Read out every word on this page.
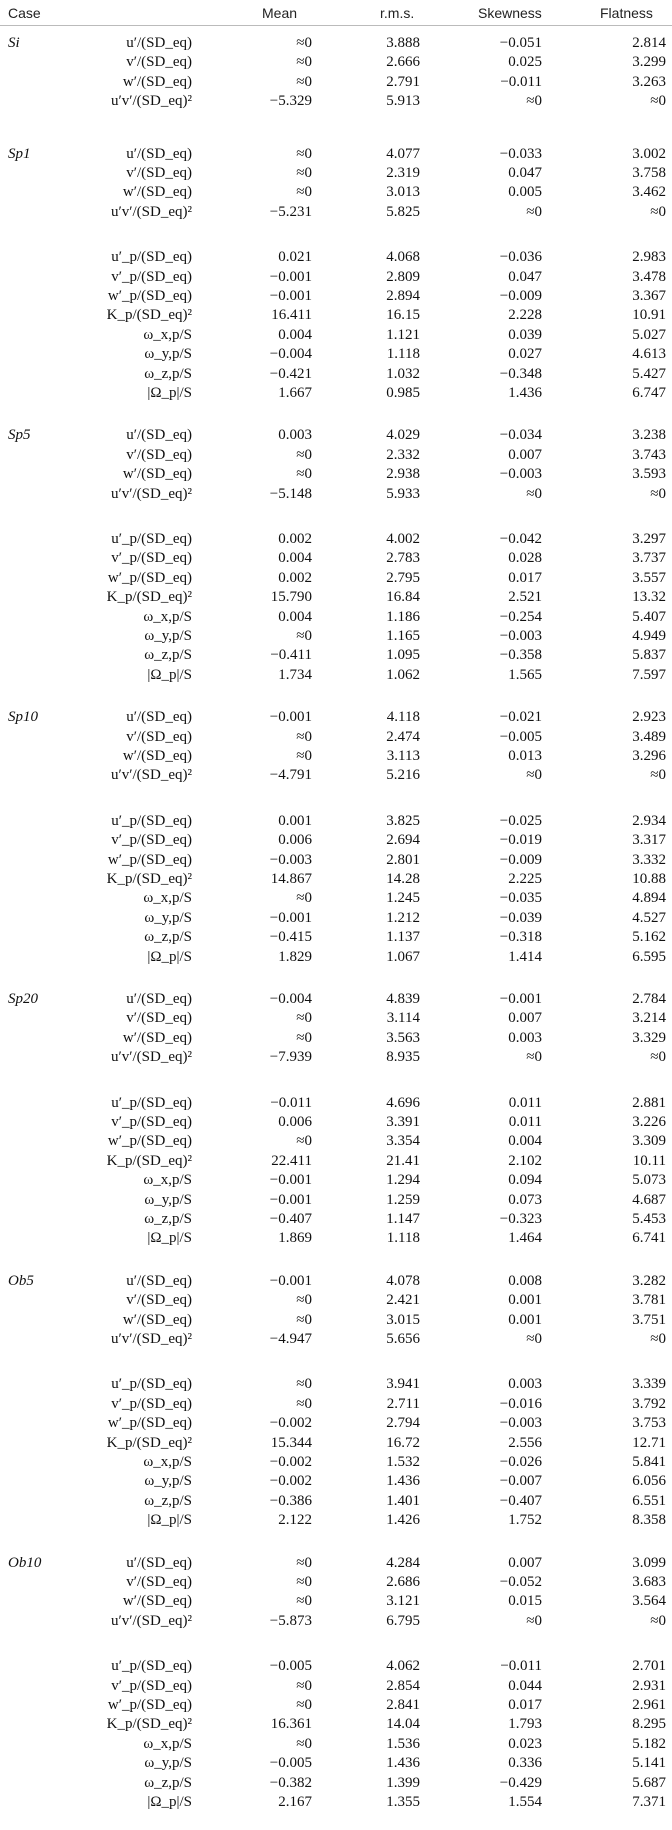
Case	Mean	r.m.s.	Skewness	Flatness
Si	u′/(SD_eq)	≈0	3.888	−0.051	2.814
v′/(SD_eq)	≈0	2.666	0.025	3.299
w′/(SD_eq)	≈0	2.791	−0.011	3.263
u′v′/(SD_eq)²	−5.329	5.913	≈0	≈0
Sp1	u′/(SD_eq)	≈0	4.077	−0.033	3.002
v′/(SD_eq)	≈0	2.319	0.047	3.758
w′/(SD_eq)	≈0	3.013	0.005	3.462
u′v′/(SD_eq)²	−5.231	5.825	≈0	≈0
u′_p/(SD_eq)	0.021	4.068	−0.036	2.983
v′_p/(SD_eq)	−0.001	2.809	0.047	3.478
w′_p/(SD_eq)	−0.001	2.894	−0.009	3.367
K_p/(SD_eq)²	16.411	16.15	2.228	10.91
ω_x,p/S	0.004	1.121	0.039	5.027
ω_y,p/S	−0.004	1.118	0.027	4.613
ω_z,p/S	−0.421	1.032	−0.348	5.427
|Ω_p|/S	1.667	0.985	1.436	6.747
Sp5	u′/(SD_eq)	0.003	4.029	−0.034	3.238
v′/(SD_eq)	≈0	2.332	0.007	3.743
w′/(SD_eq)	≈0	2.938	−0.003	3.593
u′v′/(SD_eq)²	−5.148	5.933	≈0	≈0
u′_p/(SD_eq)	0.002	4.002	−0.042	3.297
v′_p/(SD_eq)	0.004	2.783	0.028	3.737
w′_p/(SD_eq)	0.002	2.795	0.017	3.557
K_p/(SD_eq)²	15.790	16.84	2.521	13.32
ω_x,p/S	0.004	1.186	−0.254	5.407
ω_y,p/S	≈0	1.165	−0.003	4.949
ω_z,p/S	−0.411	1.095	−0.358	5.837
|Ω_p|/S	1.734	1.062	1.565	7.597
Sp10	u′/(SD_eq)	−0.001	4.118	−0.021	2.923
v′/(SD_eq)	≈0	2.474	−0.005	3.489
w′/(SD_eq)	≈0	3.113	0.013	3.296
u′v′/(SD_eq)²	−4.791	5.216	≈0	≈0
u′_p/(SD_eq)	0.001	3.825	−0.025	2.934
v′_p/(SD_eq)	0.006	2.694	−0.019	3.317
w′_p/(SD_eq)	−0.003	2.801	−0.009	3.332
K_p/(SD_eq)²	14.867	14.28	2.225	10.88
ω_x,p/S	≈0	1.245	−0.035	4.894
ω_y,p/S	−0.001	1.212	−0.039	4.527
ω_z,p/S	−0.415	1.137	−0.318	5.162
|Ω_p|/S	1.829	1.067	1.414	6.595
Sp20	u′/(SD_eq)	−0.004	4.839	−0.001	2.784
v′/(SD_eq)	≈0	3.114	0.007	3.214
w′/(SD_eq)	≈0	3.563	0.003	3.329
u′v′/(SD_eq)²	−7.939	8.935	≈0	≈0
u′_p/(SD_eq)	−0.011	4.696	0.011	2.881
v′_p/(SD_eq)	0.006	3.391	0.011	3.226
w′_p/(SD_eq)	≈0	3.354	0.004	3.309
K_p/(SD_eq)²	22.411	21.41	2.102	10.11
ω_x,p/S	−0.001	1.294	0.094	5.073
ω_y,p/S	−0.001	1.259	0.073	4.687
ω_z,p/S	−0.407	1.147	−0.323	5.453
|Ω_p|/S	1.869	1.118	1.464	6.741
Ob5	u′/(SD_eq)	−0.001	4.078	0.008	3.282
v′/(SD_eq)	≈0	2.421	0.001	3.781
w′/(SD_eq)	≈0	3.015	0.001	3.751
u′v′/(SD_eq)²	−4.947	5.656	≈0	≈0
u′_p/(SD_eq)	≈0	3.941	0.003	3.339
v′_p/(SD_eq)	≈0	2.711	−0.016	3.792
w′_p/(SD_eq)	−0.002	2.794	−0.003	3.753
K_p/(SD_eq)²	15.344	16.72	2.556	12.71
ω_x,p/S	−0.002	1.532	−0.026	5.841
ω_y,p/S	−0.002	1.436	−0.007	6.056
ω_z,p/S	−0.386	1.401	−0.407	6.551
|Ω_p|/S	2.122	1.426	1.752	8.358
Ob10	u′/(SD_eq)	≈0	4.284	0.007	3.099
v′/(SD_eq)	≈0	2.686	−0.052	3.683
w′/(SD_eq)	≈0	3.121	0.015	3.564
u′v′/(SD_eq)²	−5.873	6.795	≈0	≈0
u′_p/(SD_eq)	−0.005	4.062	−0.011	2.701
v′_p/(SD_eq)	≈0	2.854	0.044	2.931
w′_p/(SD_eq)	≈0	2.841	0.017	2.961
K_p/(SD_eq)²	16.361	14.04	1.793	8.295
ω_x,p/S	≈0	1.536	0.023	5.182
ω_y,p/S	−0.005	1.436	0.336	5.141
ω_z,p/S	−0.382	1.399	−0.429	5.687
|Ω_p|/S	2.167	1.355	1.554	7.371
